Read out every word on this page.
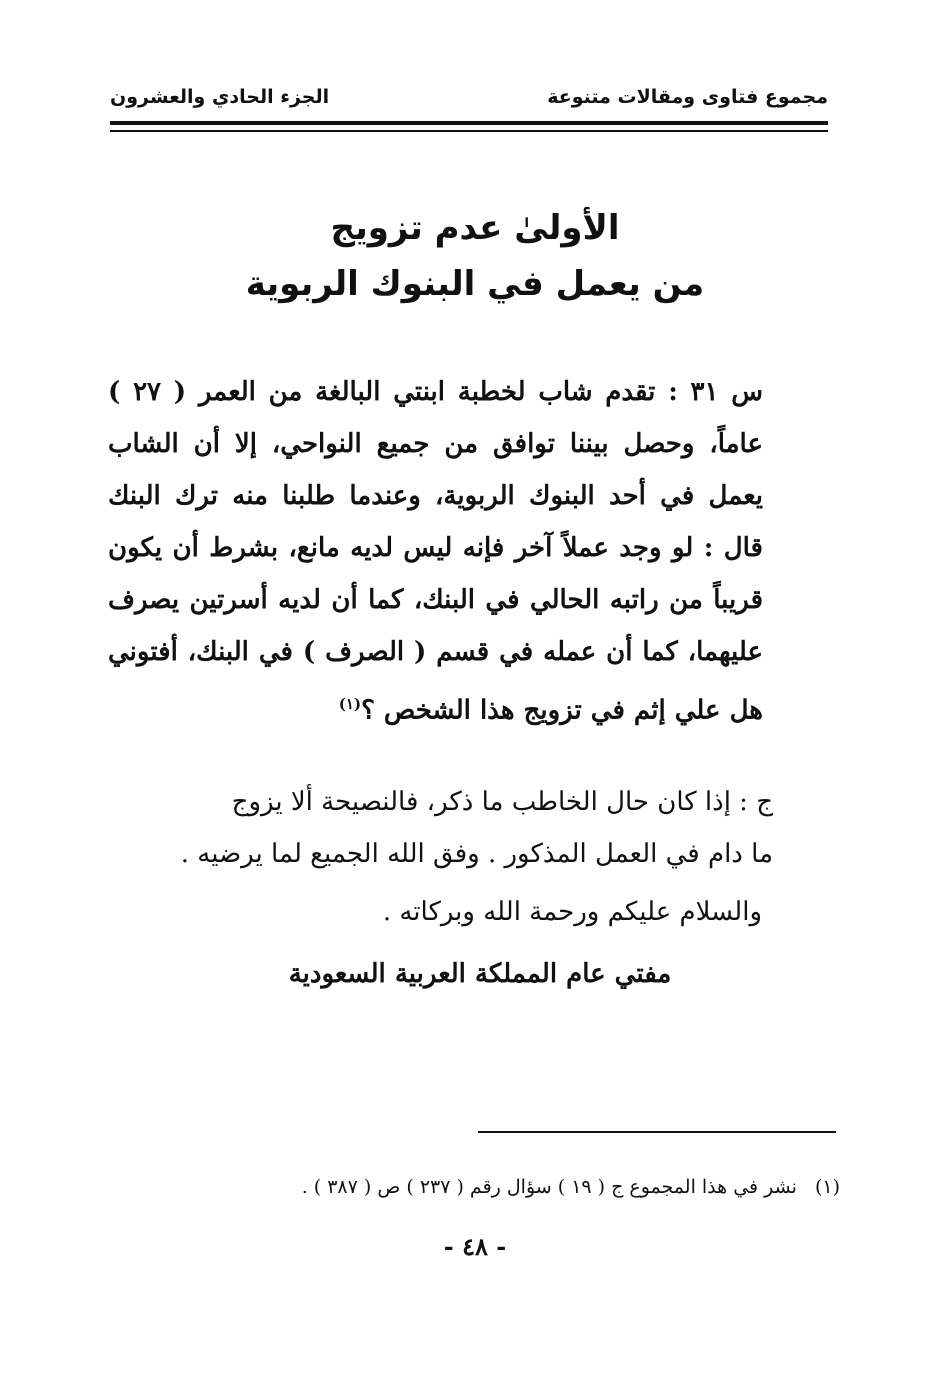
مجموع فتاوى ومقالات متنوعة
الجزء الحادي والعشرون
الأولىٰ عدم تزويج
من يعمل في البنوك الربوية
س ٣١ : تقدم شاب لخطبة ابنتي البالغة من العمر ( ٢٧ ) عاماً، وحصل بيننا توافق من جميع النواحي، إلا أن الشاب يعمل في أحد البنوك الربوية، وعندما طلبنا منه ترك البنك قال : لو وجد عملاً آخر فإنه ليس لديه مانع، بشرط أن يكون قريباً من راتبه الحالي في البنك، كما أن لديه أسرتين يصرف عليهما، كما أن عمله في قسم ( الصرف ) في البنك، أفتوني هل علي إثم في تزويج هذا الشخص ؟$^{(١)}$
ج : إذا كان حال الخاطب ما ذكر، فالنصيحة ألا يزوج
ما دام في العمل المذكور . وفق الله الجميع لما يرضيه .
والسلام عليكم ورحمة الله وبركاته .
مفتي عام المملكة العربية السعودية
(١) نشر في هذا المجموع ج ( ١٩ ) سؤال رقم ( ٢٣٧ ) ص ( ٣٨٧ ) .
- ٤٨ -
